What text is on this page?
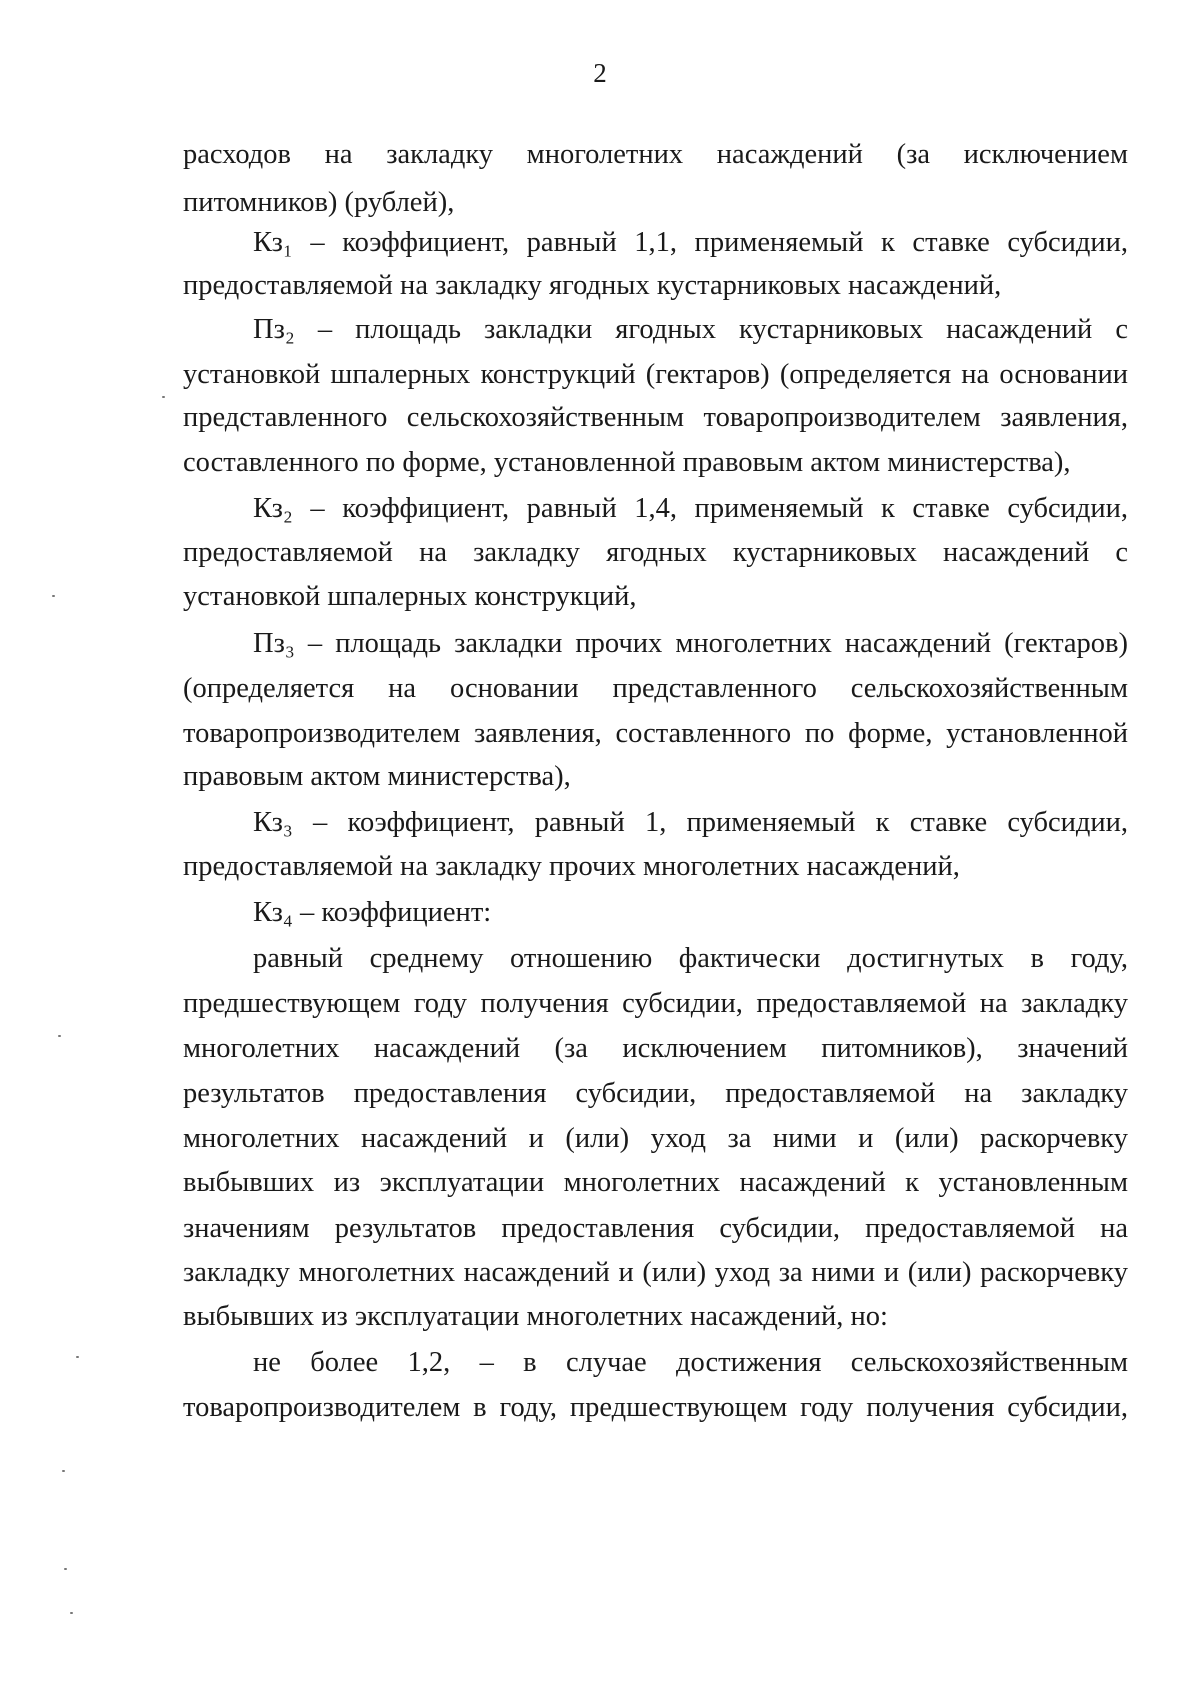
2
расходов на закладку многолетних насаждений (за исключением
питомников) (рублей),
Кз₁ – коэффициент, равный 1,1, применяемый к ставке субсидии,
предоставляемой на закладку ягодных кустарниковых насаждений,
Пз₂ – площадь закладки ягодных кустарниковых насаждений с
установкой шпалерных конструкций (гектаров) (определяется на основании
представленного сельскохозяйственным товаропроизводителем заявления,
составленного по форме, установленной правовым актом министерства),
Кз₂ – коэффициент, равный 1,4, применяемый к ставке субсидии,
предоставляемой на закладку ягодных кустарниковых насаждений с
установкой шпалерных конструкций,
Пз₃ – площадь закладки прочих многолетних насаждений (гектаров)
(определяется на основании представленного сельскохозяйственным
товаропроизводителем заявления, составленного по форме, установленной
правовым актом министерства),
Кз₃ – коэффициент, равный 1, применяемый к ставке субсидии,
предоставляемой на закладку прочих многолетних насаждений,
Кз₄ – коэффициент:
равный среднему отношению фактически достигнутых в году,
предшествующем году получения субсидии, предоставляемой на закладку
многолетних насаждений (за исключением питомников), значений
результатов предоставления субсидии, предоставляемой на закладку
многолетних насаждений и (или) уход за ними и (или) раскорчевку
выбывших из эксплуатации многолетних насаждений к установленным
значениям результатов предоставления субсидии, предоставляемой на
закладку многолетних насаждений и (или) уход за ними и (или) раскорчевку
выбывших из эксплуатации многолетних насаждений, но:
не более 1,2, – в случае достижения сельскохозяйственным
товаропроизводителем в году, предшествующем году получения субсидии,
